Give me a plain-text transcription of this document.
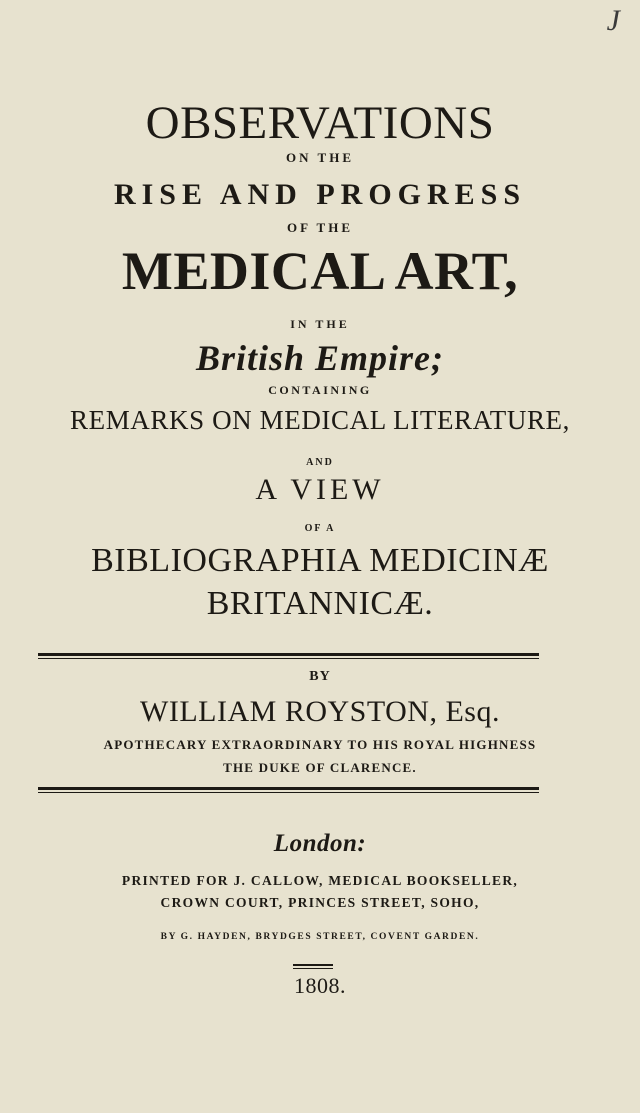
J
OBSERVATIONS
ON THE
RISE AND PROGRESS
OF THE
MEDICAL ART,
IN THE
British Empire;
CONTAINING
REMARKS ON MEDICAL LITERATURE,
AND
A VIEW
OF A
BIBLIOGRAPHIA MEDICINÆ
BRITANNICÆ.
BY
WILLIAM ROYSTON, Esq.
APOTHECARY EXTRAORDINARY TO HIS ROYAL HIGHNESS
THE DUKE OF CLARENCE.
London:
PRINTED FOR J. CALLOW, MEDICAL BOOKSELLER,
CROWN COURT, PRINCES STREET, SOHO,
BY G. HAYDEN, BRYDGES STREET, COVENT GARDEN.
1808.
